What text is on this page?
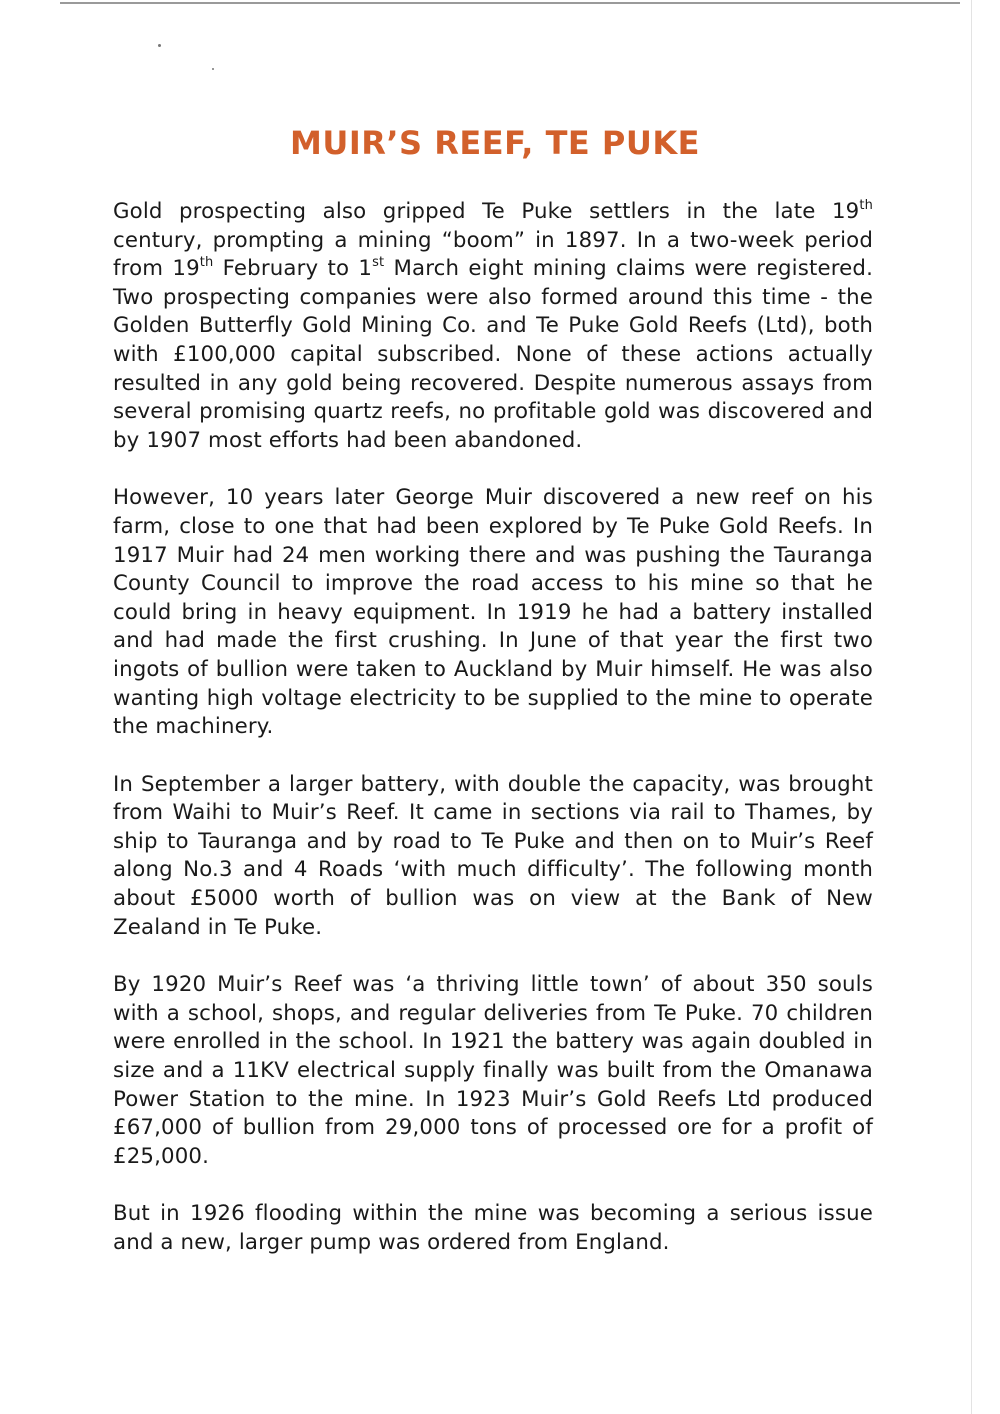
MUIR’S REEF, TE PUKE

Gold prospecting also gripped Te Puke settlers in the late 19th century, prompting a mining “boom” in 1897. In a two-week period from 19th February to 1st March eight mining claims were registered. Two prospecting companies were also formed around this time - the Golden Butterfly Gold Mining Co. and Te Puke Gold Reefs (Ltd), both with £100,000 capital subscribed. None of these actions actually resulted in any gold being recovered. Despite numerous assays from several promising quartz reefs, no profitable gold was discovered and by 1907 most efforts had been abandoned.

However, 10 years later George Muir discovered a new reef on his farm, close to one that had been explored by Te Puke Gold Reefs. In 1917 Muir had 24 men working there and was pushing the Tauranga County Council to improve the road access to his mine so that he could bring in heavy equipment. In 1919 he had a battery installed and had made the first crushing. In June of that year the first two ingots of bullion were taken to Auckland by Muir himself. He was also wanting high voltage electricity to be supplied to the mine to operate the machinery.

In September a larger battery, with double the capacity, was brought from Waihi to Muir’s Reef. It came in sections via rail to Thames, by ship to Tauranga and by road to Te Puke and then on to Muir’s Reef along No.3 and 4 Roads ‘with much difficulty’. The following month about £5000 worth of bullion was on view at the Bank of New Zealand in Te Puke.

By 1920 Muir’s Reef was ‘a thriving little town’ of about 350 souls with a school, shops, and regular deliveries from Te Puke. 70 children were enrolled in the school. In 1921 the battery was again doubled in size and a 11KV electrical supply finally was built from the Omanawa Power Station to the mine. In 1923 Muir’s Gold Reefs Ltd produced £67,000 of bullion from 29,000 tons of processed ore for a profit of £25,000.

But in 1926 flooding within the mine was becoming a serious issue and a new, larger pump was ordered from England.
